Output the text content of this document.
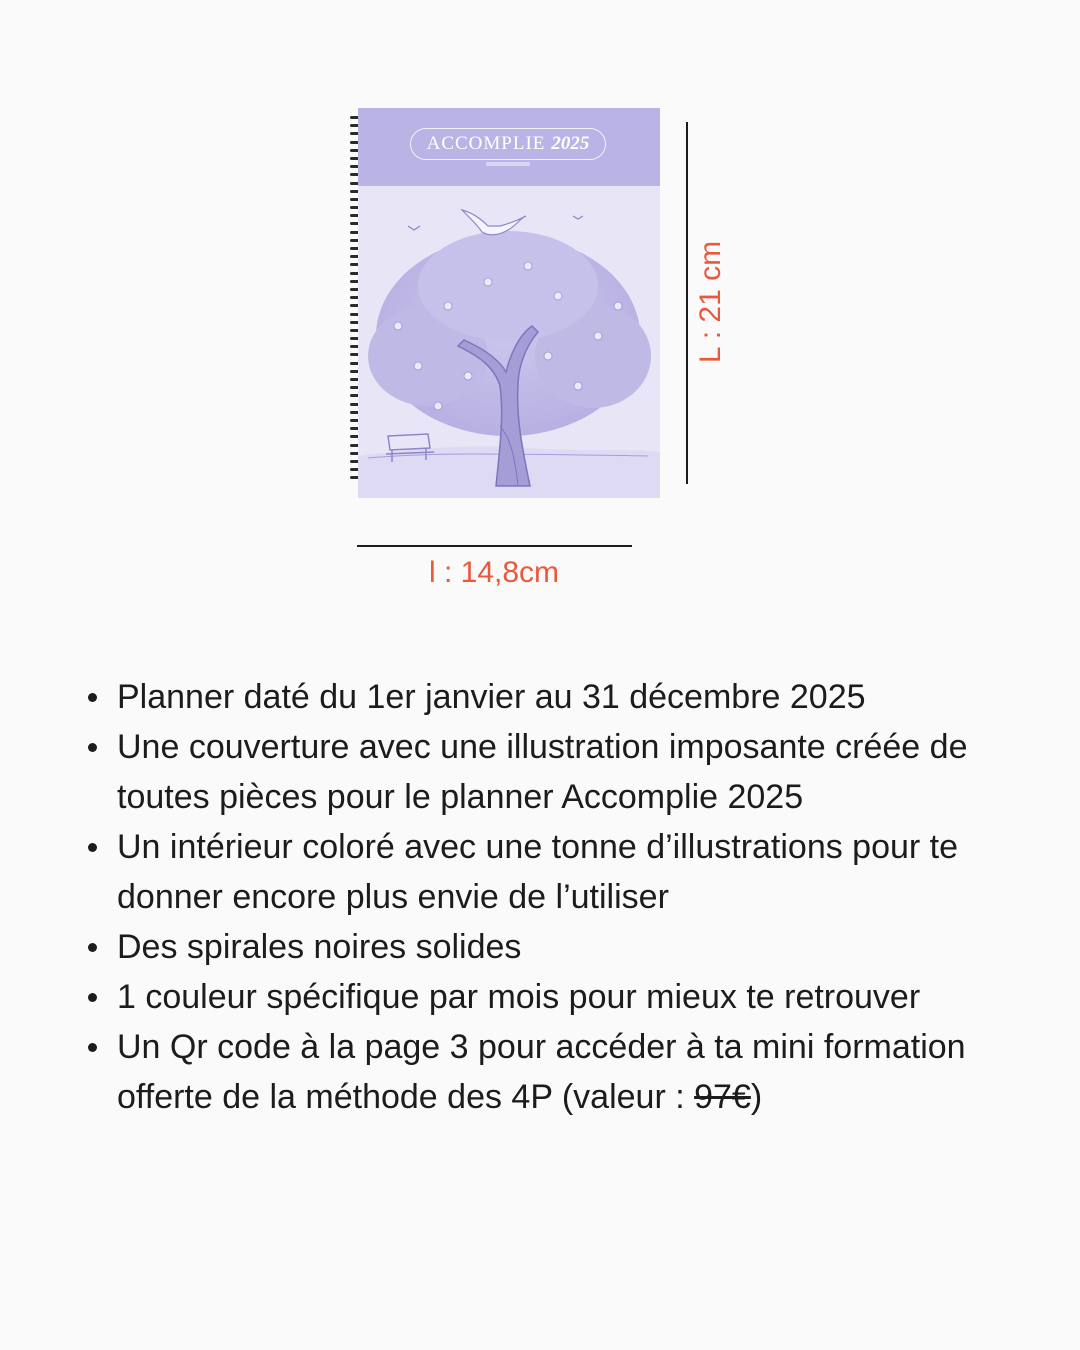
ACCOMPLIE 2025
L : 21 cm
l : 14,8cm
Planner daté du 1er janvier au 31 décembre 2025
Une couverture avec une illustration imposante créée de toutes pièces pour le planner Accomplie 2025
Un intérieur coloré avec une tonne d’illustrations pour te donner encore plus envie de l’utiliser
Des spirales noires solides
1 couleur spécifique par mois pour mieux te retrouver
Un Qr code à la page 3 pour accéder à ta mini formation offerte de la méthode des 4P (valeur : 97€)
